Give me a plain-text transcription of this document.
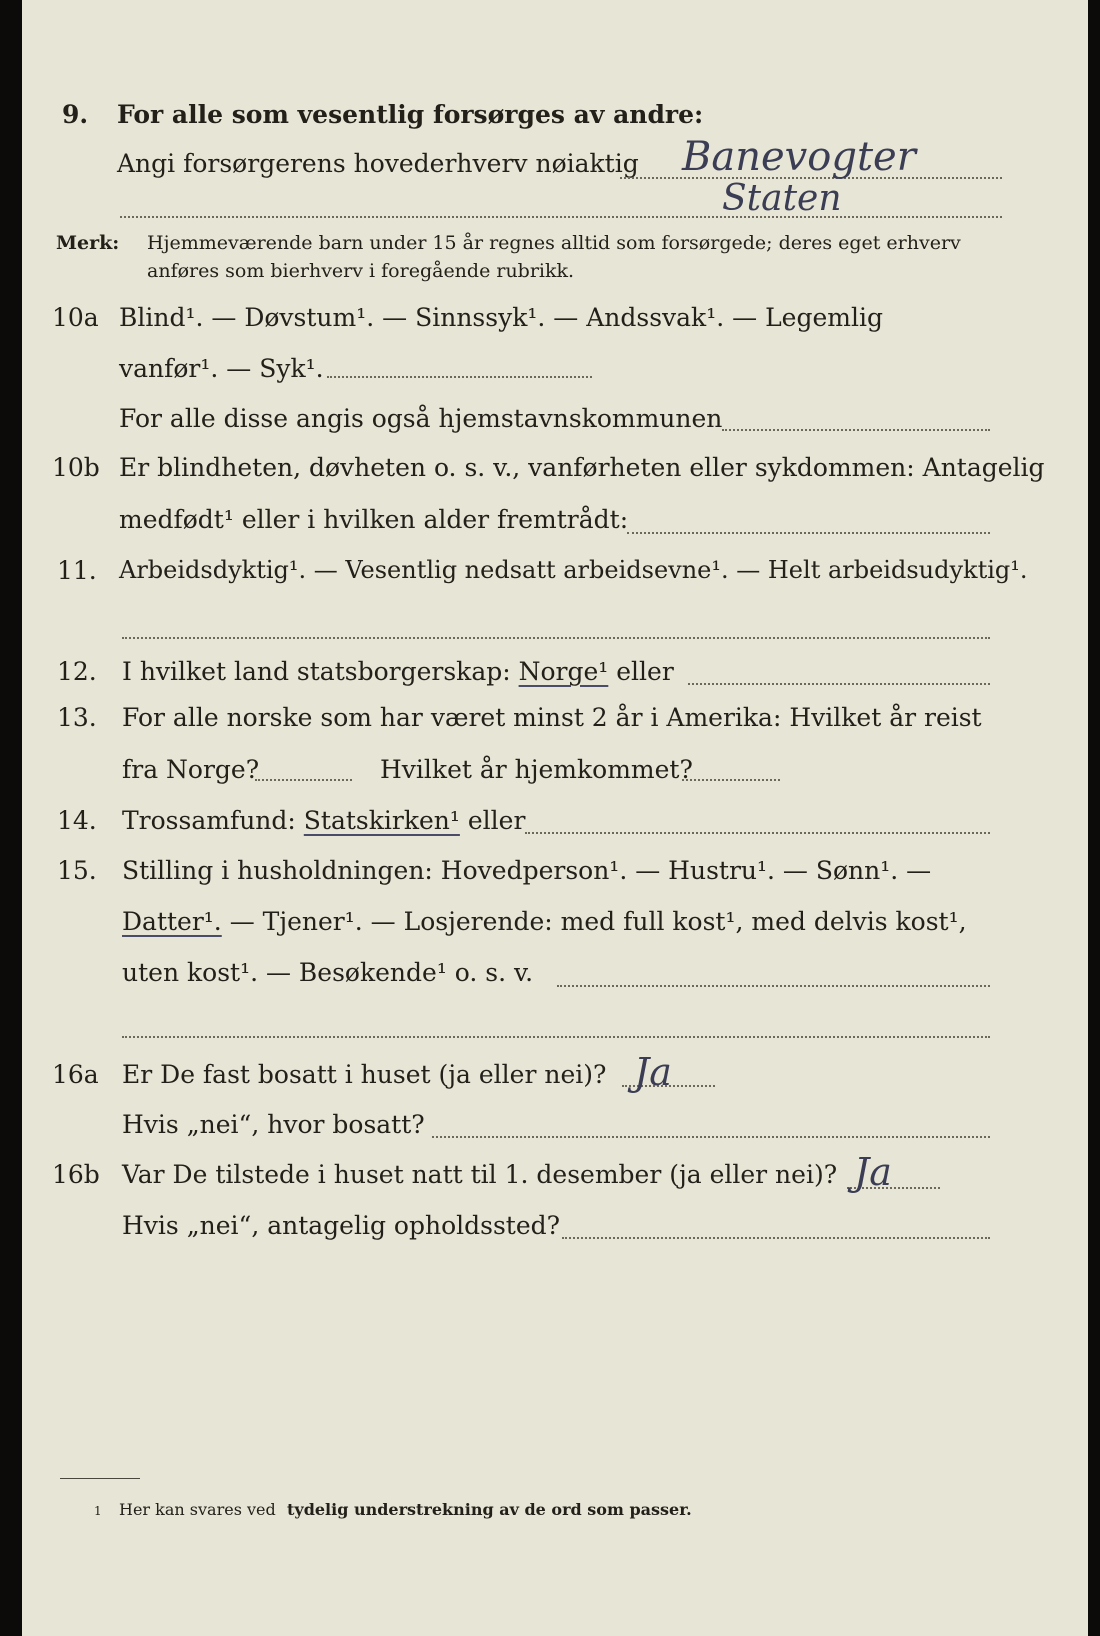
9. For alle som vesentlig forsørges av andre:
Angi forsørgerens hovederhverv nøiaktig Banevogter
Staten
Merk: Hjemmeværende barn under 15 år regnes alltid som forsørgede; deres eget erhverv
anføres som bierhverv i foregående rubrikk.
10a Blind¹. — Døvstum¹. — Sinnssyk¹. — Andssvak¹. — Legemlig
vanfør¹. — Syk¹.
For alle disse angis også hjemstavnskommunen
10b Er blindheten, døvheten o. s. v., vanførheten eller sykdommen: Antagelig
medfødt¹ eller i hvilken alder fremtrådt:
11. Arbeidsdyktig¹. — Vesentlig nedsatt arbeidsevne¹. — Helt arbeidsudyktig¹.
12. I hvilket land statsborgerskap: Norge¹ eller
13. For alle norske som har været minst 2 år i Amerika: Hvilket år reist
fra Norge?	Hvilket år hjemkommet?
14. Trossamfund: Statskirken¹ eller
15. Stilling i husholdningen: Hovedperson¹. — Hustru¹. — Sønn¹. —
Datter¹. — Tjener¹. — Losjerende: med full kost¹, med delvis kost¹,
uten kost¹. — Besøkende¹ o. s. v.
16a Er De fast bosatt i huset (ja eller nei)? Ja
Hvis „nei“, hvor bosatt?
16b Var De tilstede i huset natt til 1. desember (ja eller nei)? Ja
Hvis „nei“, antagelig opholdssted?
1 Her kan svares ved tydelig understrekning av de ord som passer.
